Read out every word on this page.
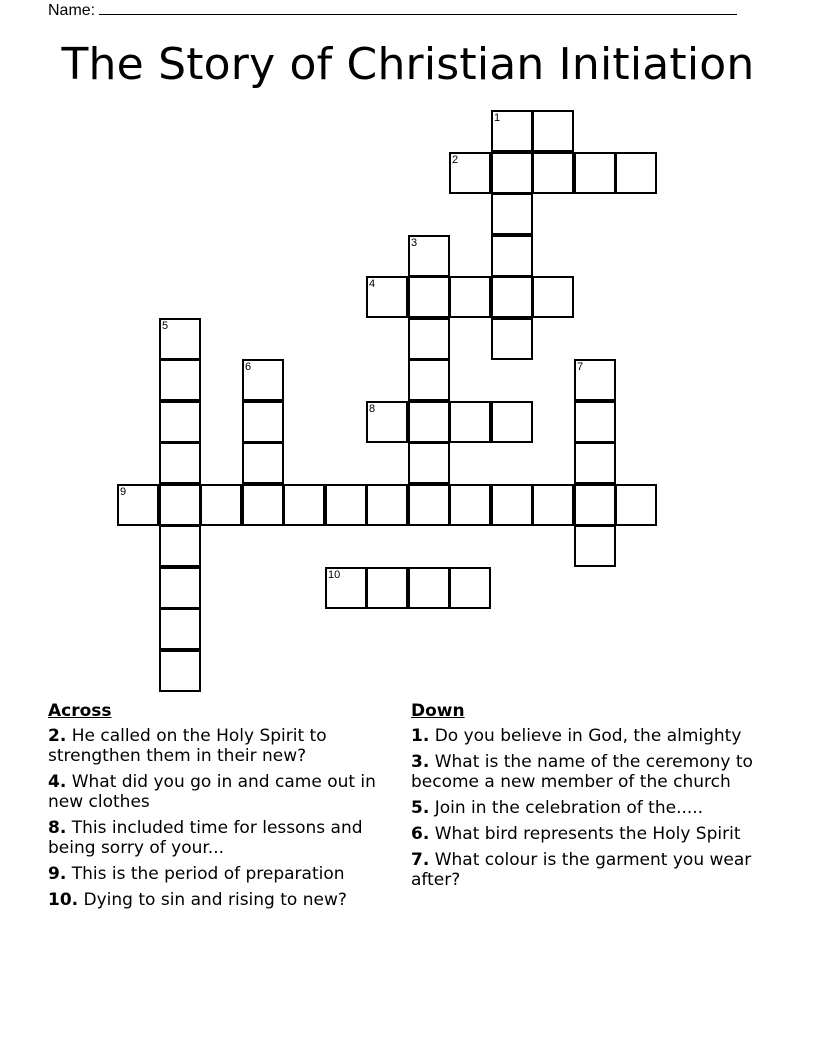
Name:
The Story of Christian Initiation
1
2
3
4
5
6	7
8
9
10
Across
2. He called on the Holy Spirit to strengthen them in their new?
4. What did you go in and came out in new clothes
8. This included time for lessons and being sorry of your...
9. This is the period of preparation
10. Dying to sin and rising to new?
Down
1. Do you believe in God, the almighty
3. What is the name of the ceremony to become a new member of the church
5. Join in the celebration of the.....
6. What bird represents the Holy Spirit
7. What colour is the garment you wear after?
